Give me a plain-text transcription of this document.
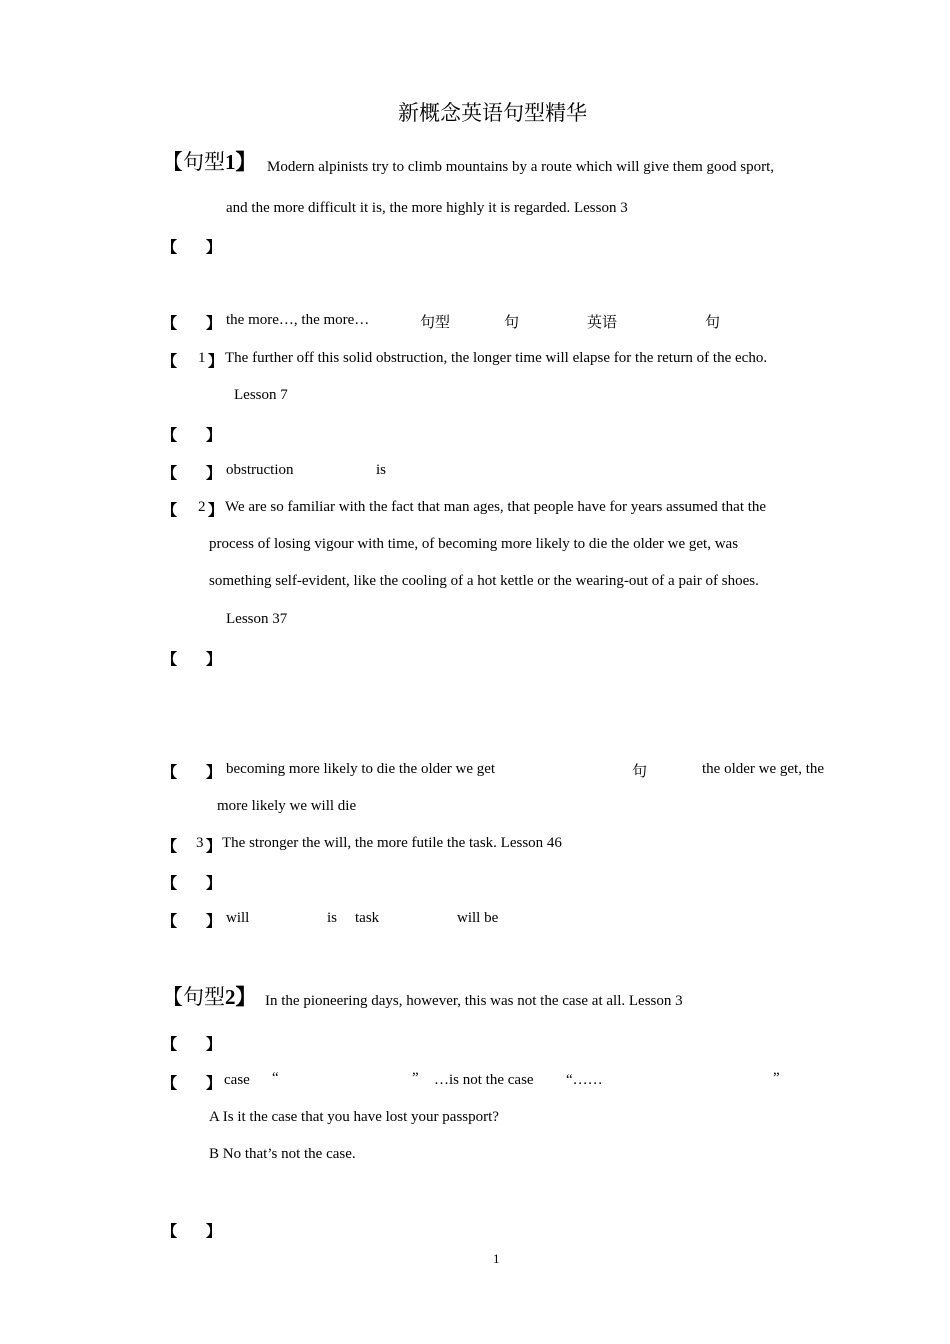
新概念英语句型精华
【句型1】 Modern alpinists try to climb mountains by a route which will give them good sport,
and the more difficult it is, the more highly it is regarded. Lesson 3
【 】
【 】 the more…, the more…	句型	句	英语	句
【 1 】 The further off this solid obstruction, the longer time will elapse for the return of the echo.
Lesson 7
【 】
【 】 obstruction	is
【 2 】 We are so familiar with the fact that man ages, that people have for years assumed that the
process of losing vigour with time, of becoming more likely to die the older we get, was
something self-evident, like the cooling of a hot kettle or the wearing-out of a pair of shoes.
Lesson 37
【 】
【 】 becoming more likely to die the older we get	句	the older we get, the
more likely we will die
【 3 】 The stronger the will, the more futile the task. Lesson 46
【 】
【 】 will	is task	will be
【句型2】 In the pioneering days, however, this was not the case at all. Lesson 3
【 】
【 】 case “	” …is not the case “……	”
A Is it the case that you have lost your passport?
B No that’s not the case.
【 】
1
